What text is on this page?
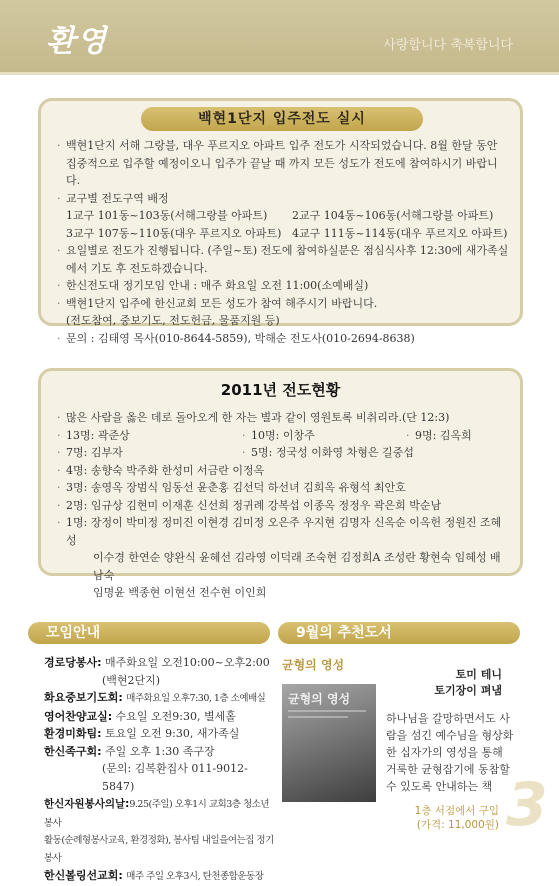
환영	사랑합니다 축복합니다
백현1단지 입주전도 실시
· 백현1단지 서해 그랑블, 대우 푸르지오 아파트 입주 전도가 시작되었습니다. 8월 한달 동안 집중적으로 입주할 예정이오니 입주가 끝날 때 까지 모든 성도가 전도에 참여하시기 바랍니다.
· 교구별 전도구역 배정
1교구 101동~103동(서해그랑블 아파트)	2교구 104동~106동(서해그랑블 아파트)
3교구 107동~110동(대우 푸르지오 아파트) 4교구 111동~114동(대우 푸르지오 아파트)
· 요일별로 전도가 진행됩니다. (주일~토) 전도에 참여하실분은 점심식사후 12:30에 새가족실에서 기도 후 전도하겠습니다.
· 한신전도대 정기모임 안내 : 매주 화요일 오전 11:00(소예배실)
· 백현1단지 입주에 한신교회 모든 성도가 참여 해주시기 바랍니다.
(전도참여, 중보기도, 전도헌금, 물품지원 등)
· 문의 : 김태영 목사(010-8644-5859), 박해순 전도사(010-2694-8638)
2011년 전도현황
· 많은 사람을 옳은 데로 돌아오게 한 자는 별과 같이 영원토록 비취리라.(단 12:3)
· 13명: 곽준상	· 10명: 이창주	· 9명: 김옥희
· 7명: 김부자	· 5명: 정국성 이화영 차형은 길중섭
· 4명: 송향숙 박주화 한성미 서금란 이정옥
· 3명: 송영옥 장범식 임동선 윤춘홍 김선덕 하선녀 김희옥 유형석 최안호
· 2명: 임규상 김현미 이재훈 신선희 정귀례 강복섭 이종옥 정정우 곽은희 박순남
· 1명: 장정이 박미정 정미진 이현경 김미정 오은주 우지현 김명자 신옥순 이옥헌 정원진 조혜성
이수경 한연순 양완식 윤혜선 김라영 이덕래 조숙현 김정희A 조성란 황현숙 임혜성 배남숙
임명윤 백종현 이현선 전수현 이인희
모임안내
경로당봉사: 매주화요일 오전10:00~오후2:00
(백현2단지)
화요중보기도회: 매주화요일 오후7:30, 1층 소예배실
영어찬양교실: 수요일 오전9:30, 별세홀
환경미화팀: 토요일 오전 9:30, 새가족실
한신족구회: 주일 오후 1:30 족구장
(문의: 김복환집사 011-9012-5847)
한신자원봉사의날:9.25(주일) 오후1시 교회3층 청소년 봉사
활동(순례형봉사교육, 환경정화), 봉사팀 내일을여는집 정기봉사
한신볼링선교회: 매주 주일 오후3시, 탄천종합운동장
9월의 추천도서
균형의 영성
토미 테니
토기장이 펴냄
균형의 영성
하나님을 갈망하면서도 사람을 섬긴 예수님을 형상화한 십자가의 영성을 통해 거룩한 균형잡기에 동참할 수 있도록 안내하는 책
1층 서점에서 구입
(가격: 11,000원) 3
